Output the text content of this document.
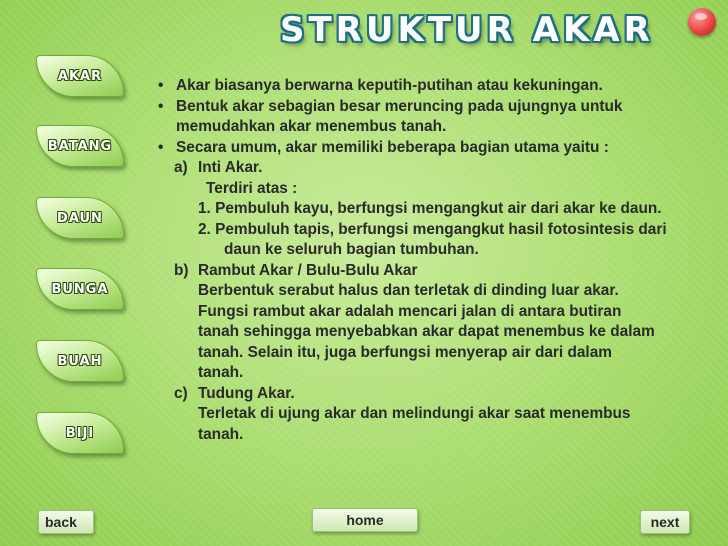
STRUKTUR AKAR
AKAR
BATANG
DAUN
BUNGA
BUAH
BIJI
• Akar biasanya berwarna keputih-putihan atau kekuningan.
• Bentuk akar sebagian besar meruncing pada ujungnya untuk
memudahkan akar menembus tanah.
• Secara umum, akar memiliki beberapa bagian utama yaitu :
a) Inti Akar.
Terdiri atas :
1. Pembuluh kayu, berfungsi mengangkut air dari akar ke daun.
2. Pembuluh tapis, berfungsi mengangkut hasil fotosintesis dari
daun ke seluruh bagian tumbuhan.
b) Rambut Akar / Bulu-Bulu Akar
Berbentuk serabut halus dan terletak di dinding luar akar.
Fungsi rambut akar adalah mencari jalan di antara butiran
tanah sehingga menyebabkan akar dapat menembus ke dalam
tanah. Selain itu, juga berfungsi menyerap air dari dalam
tanah.
c) Tudung Akar.
Terletak di ujung akar dan melindungi akar saat menembus
tanah.
back	home	next
